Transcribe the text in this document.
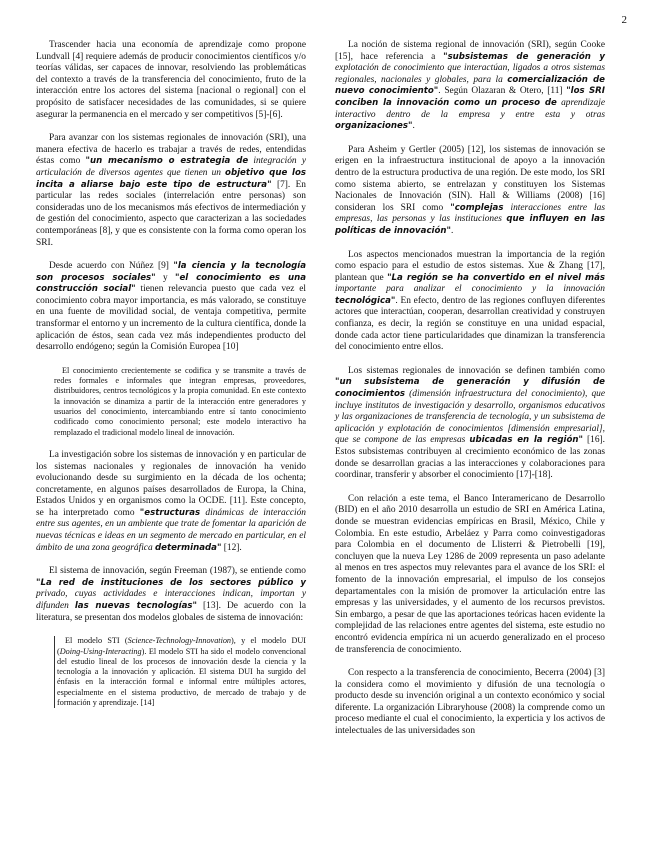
2

Trascender hacia una economía de aprendizaje como propone Lundvall [4] requiere además de producir conocimientos científicos y/o teorías válidas, ser capaces de innovar, resolviendo las problemáticas del contexto a través de la transferencia del conocimiento, fruto de la interacción entre los actores del sistema [nacional o regional] con el propósito de satisfacer necesidades de las comunidades, si se quiere asegurar la permanencia en el mercado y ser competitivos [5]-[6].

Para avanzar con los sistemas regionales de innovación (SRI), una manera efectiva de hacerlo es trabajar a través de redes, entendidas éstas como "un mecanismo o estrategia de integración y articulación de diversos agentes que tienen un objetivo que los incita a aliarse bajo este tipo de estructura" [7]. En particular las redes sociales (interrelación entre personas) son consideradas uno de los mecanismos más efectivos de intermediación y de gestión del conocimiento, aspecto que caracterizan a las sociedades contemporáneas [8], y que es consistente con la forma como operan los SRI.

Desde acuerdo con Núñez [9] "la ciencia y la tecnología son procesos sociales" y "el conocimiento es una construcción social" tienen relevancia puesto que cada vez el conocimiento cobra mayor importancia, es más valorado, se constituye en una fuente de movilidad social, de ventaja competitiva, permite transformar el entorno y un incremento de la cultura científica, donde la aplicación de éstos, sean cada vez más independientes producto del desarrollo endógeno; según la Comisión Europea [10]

El conocimiento crecientemente se codifica y se transmite a través de redes formales e informales que integran empresas, proveedores, distribuidores, centros tecnológicos y la propia comunidad. En este contexto la innovación se dinamiza a partir de la interacción entre generadores y usuarios del conocimiento, intercambiando entre sí tanto conocimiento codificado como conocimiento personal; este modelo interactivo ha remplazado el tradicional modelo lineal de innovación.

La investigación sobre los sistemas de innovación y en particular de los sistemas nacionales y regionales de innovación ha venido evolucionando desde su surgimiento en la década de los ochenta; concretamente, en algunos países desarrollados de Europa, la China, Estados Unidos y en organismos como la OCDE. [11]. Este concepto, se ha interpretado como "estructuras dinámicas de interacción entre sus agentes, en un ambiente que trate de fomentar la aparición de nuevas técnicas e ideas en un segmento de mercado en particular, en el ámbito de una zona geográfica determinada" [12].

El sistema de innovación, según Freeman (1987), se entiende como "La red de instituciones de los sectores público y privado, cuyas actividades e interacciones indican, importan y difunden las nuevas tecnologías" [13]. De acuerdo con la literatura, se presentan dos modelos globales de sistema de innovación:

El modelo STI (Science-Technology-Innovation), y el modelo DUI (Doing-Using-Interacting). El modelo STI ha sido el modelo convencional del estudio lineal de los procesos de innovación desde la ciencia y la tecnología a la innovación y aplicación. El sistema DUI ha surgido del énfasis en la interacción formal e informal entre múltiples actores, especialmente en el sistema productivo, de mercado de trabajo y de formación y aprendizaje. [14]

La noción de sistema regional de innovación (SRI), según Cooke [15], hace referencia a "subsistemas de generación y explotación de conocimiento que interactúan, ligados a otros sistemas regionales, nacionales y globales, para la comercialización de nuevo conocimiento". Según Olazaran & Otero, [11] "los SRI conciben la innovación como un proceso de aprendizaje interactivo dentro de la empresa y entre esta y otras organizaciones".

Para Asheim y Gertler (2005) [12], los sistemas de innovación se erigen en la infraestructura institucional de apoyo a la innovación dentro de la estructura productiva de una región. De este modo, los SRI como sistema abierto, se entrelazan y constituyen los Sistemas Nacionales de Innovación (SIN). Hall & Williams (2008) [16] consideran los SRI como "complejas interacciones entre las empresas, las personas y las instituciones que influyen en las políticas de innovación".

Los aspectos mencionados muestran la importancia de la región como espacio para el estudio de estos sistemas. Xue & Zhang [17], plantean que "La región se ha convertido en el nivel más importante para analizar el conocimiento y la innovación tecnológica". En efecto, dentro de las regiones confluyen diferentes actores que interactúan, cooperan, desarrollan creatividad y construyen confianza, es decir, la región se constituye en una unidad espacial, donde cada actor tiene particularidades que dinamizan la transferencia del conocimiento entre ellos.

Los sistemas regionales de innovación se definen también como "un subsistema de generación y difusión de conocimientos (dimensión infraestructura del conocimiento), que incluye institutos de investigación y desarrollo, organismos educativos y las organizaciones de transferencia de tecnología, y un subsistema de aplicación y explotación de conocimientos [dimensión empresarial], que se compone de las empresas ubicadas en la región" [16]. Estos subsistemas contribuyen al crecimiento económico de las zonas donde se desarrollan gracias a las interacciones y colaboraciones para coordinar, transferir y absorber el conocimiento [17]-[18].

Con relación a este tema, el Banco Interamericano de Desarrollo (BID) en el año 2010 desarrolla un estudio de SRI en América Latina, donde se muestran evidencias empíricas en Brasil, México, Chile y Colombia. En este estudio, Arbeláez y Parra como coinvestigadoras para Colombia en el documento de Llisterri & Pietrobelli [19], concluyen que la nueva Ley 1286 de 2009 representa un paso adelante al menos en tres aspectos muy relevantes para el avance de los SRI: el fomento de la innovación empresarial, el impulso de los consejos departamentales con la misión de promover la articulación entre las empresas y las universidades, y el aumento de los recursos previstos. Sin embargo, a pesar de que las aportaciones teóricas hacen evidente la complejidad de las relaciones entre agentes del sistema, este estudio no encontró evidencia empírica ni un acuerdo generalizado en el proceso de transferencia de conocimiento.

Con respecto a la transferencia de conocimiento, Becerra (2004) [3] la considera como el movimiento y difusión de una tecnología o producto desde su invención original a un contexto económico y social diferente. La organización Libraryhouse (2008) la comprende como un proceso mediante el cual el conocimiento, la experticia y los activos de intelectuales de las universidades son
